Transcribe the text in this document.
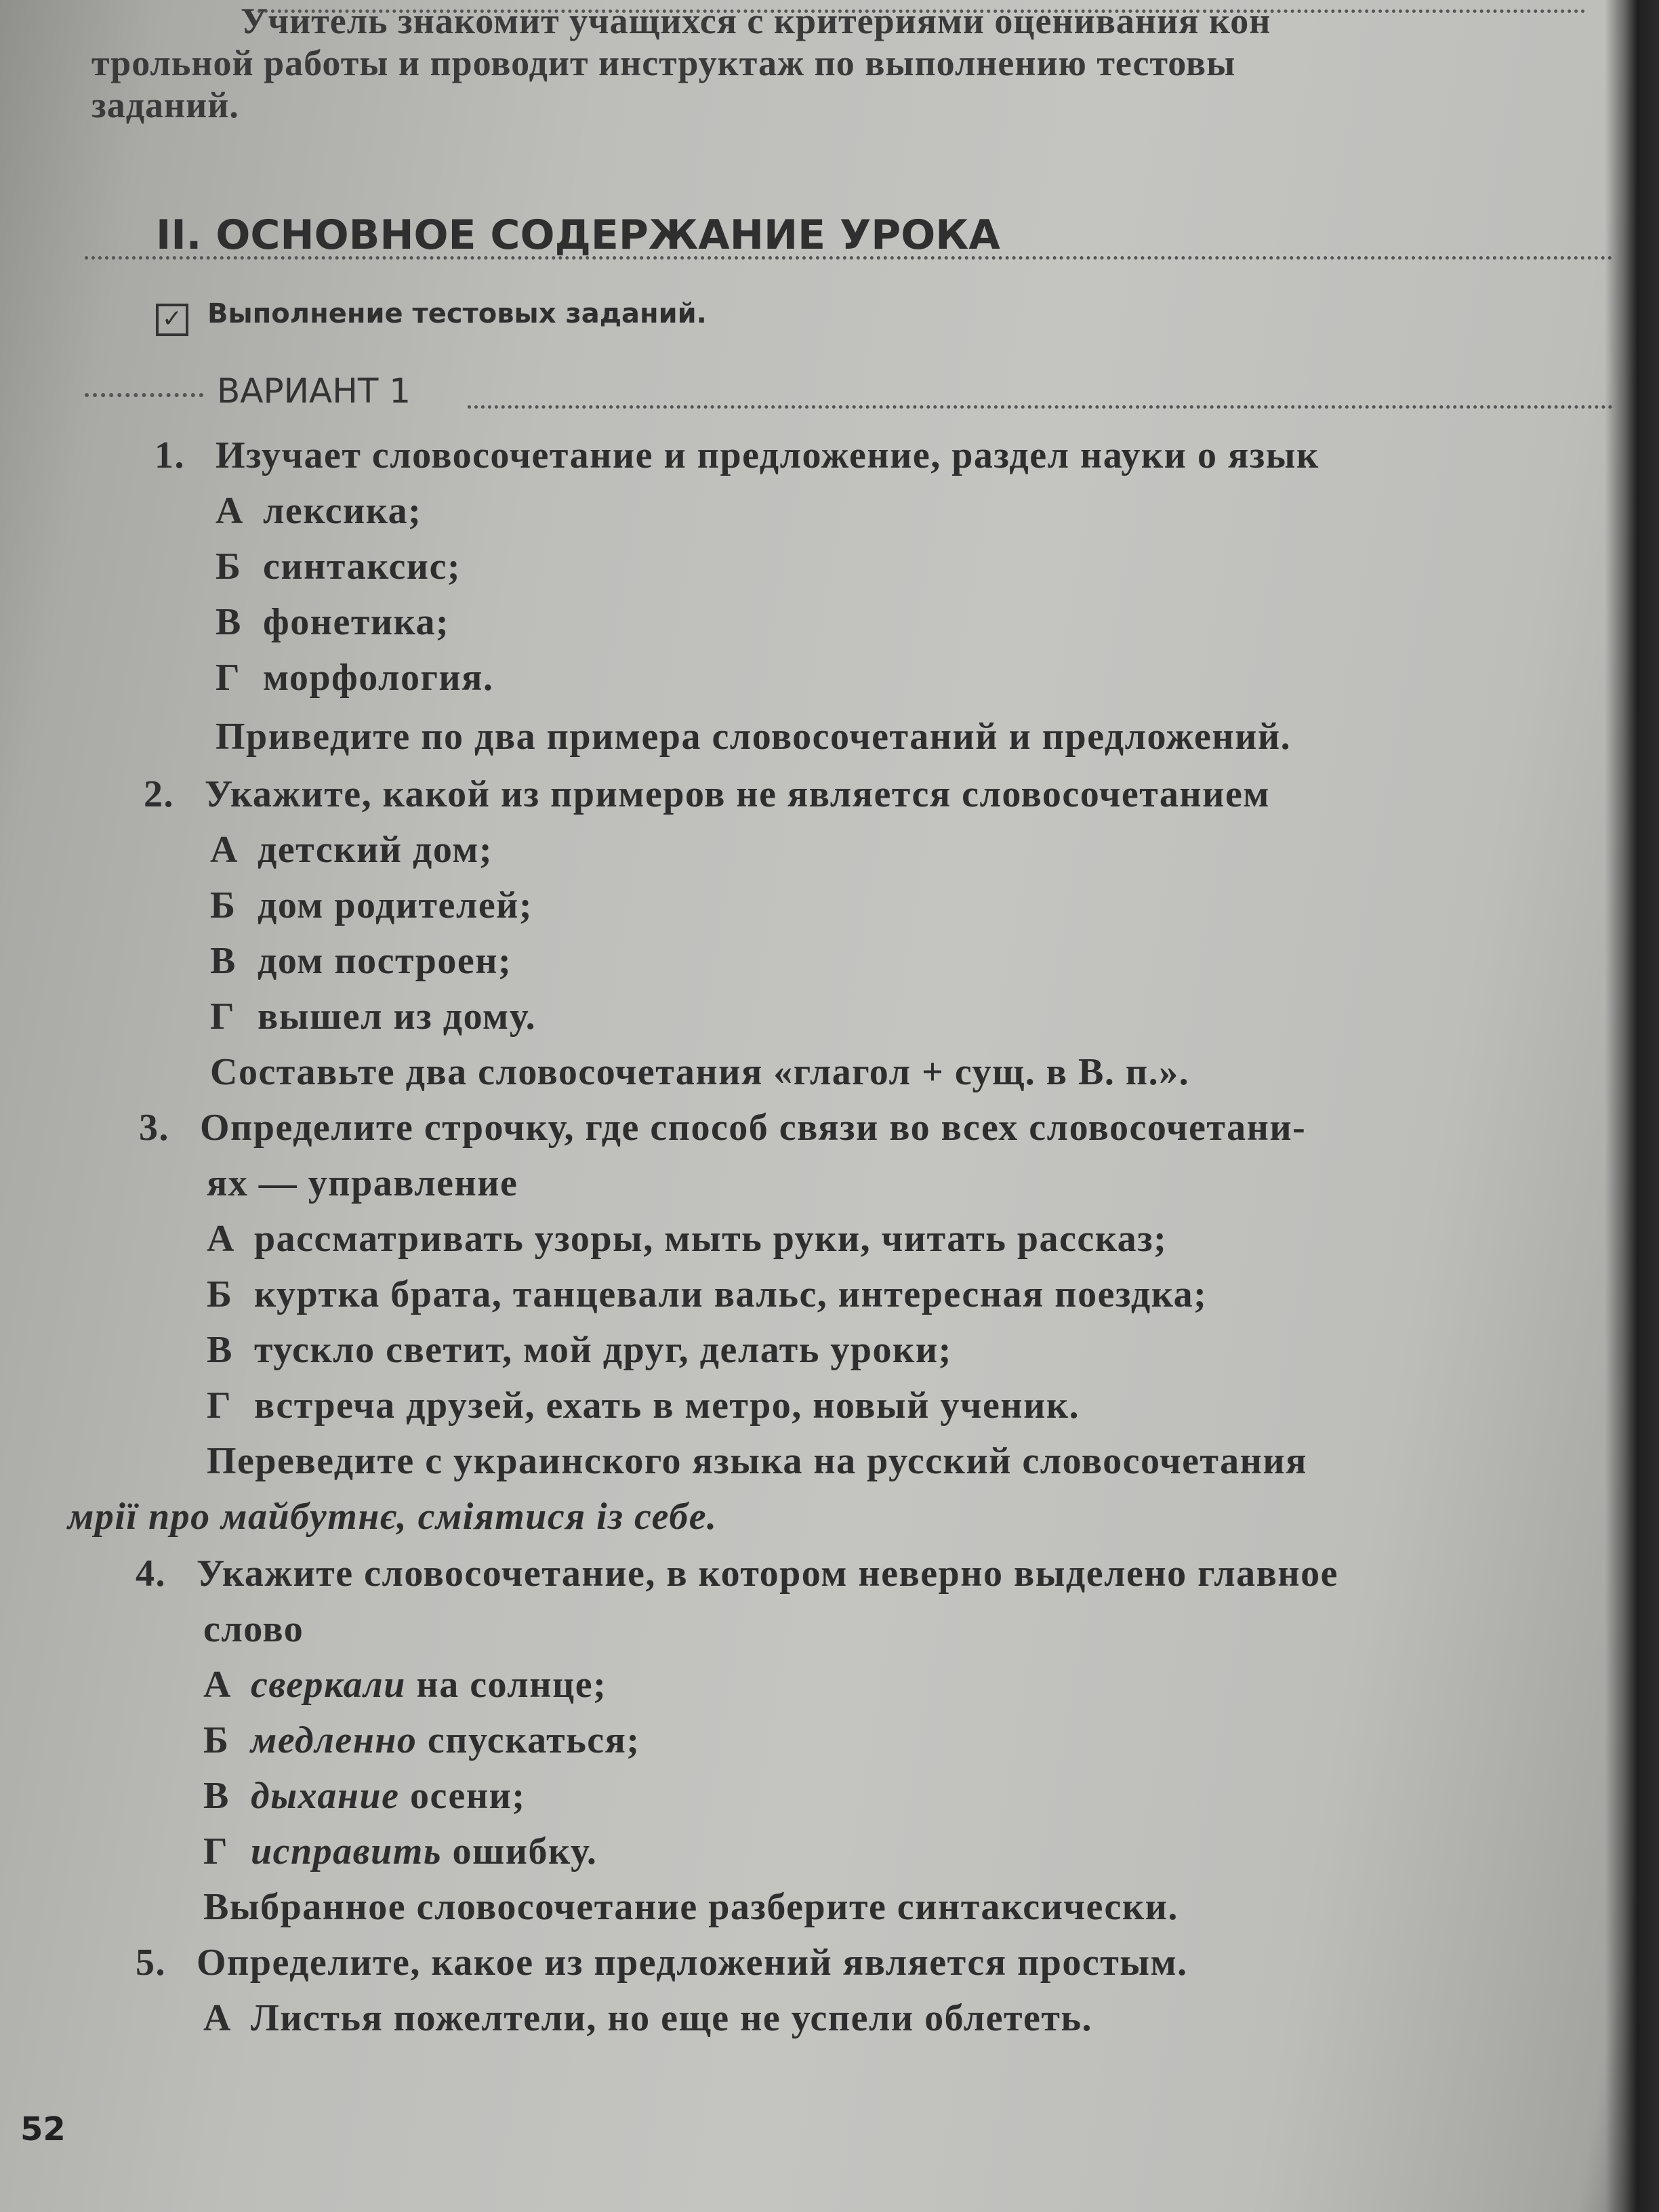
Учитель знакомит учащихся с критериями оценивания кон

трольной работы и проводит инструктаж по выполнению тестовы

заданий.

II. ОСНОВНОЕ СОДЕРЖАНИЕ УРОКА
✓ Выполнение тестовых заданий.
ВАРИАНТ 1
1. Изучает словосочетание и предложение, раздел науки о язык
А лексика;
Б синтаксис;
В фонетика;
Г морфология.
Приведите по два примера словосочетаний и предложений.
2. Укажите, какой из примеров не является словосочетанием
А детский дом;
Б дом родителей;
В дом построен;
Г вышел из дому.
Составьте два словосочетания «глагол + сущ. в В. п.».
3. Определите строчку, где способ связи во всех словосочетани-
ях — управление
А рассматривать узоры, мыть руки, читать рассказ;
Б куртка брата, танцевали вальс, интересная поездка;
В тускло светит, мой друг, делать уроки;
Г встреча друзей, ехать в метро, новый ученик.
Переведите с украинского языка на русский словосочетания
мрії про майбутнє, сміятися із себе.
4. Укажите словосочетание, в котором неверно выделено главное
слово
А сверкали на солнце;
Б медленно спускаться;
В дыхание осени;
Г исправить ошибку.
Выбранное словосочетание разберите синтаксически.
5. Определите, какое из предложений является простым.
А Листья пожелтели, но еще не успели облететь.
52
